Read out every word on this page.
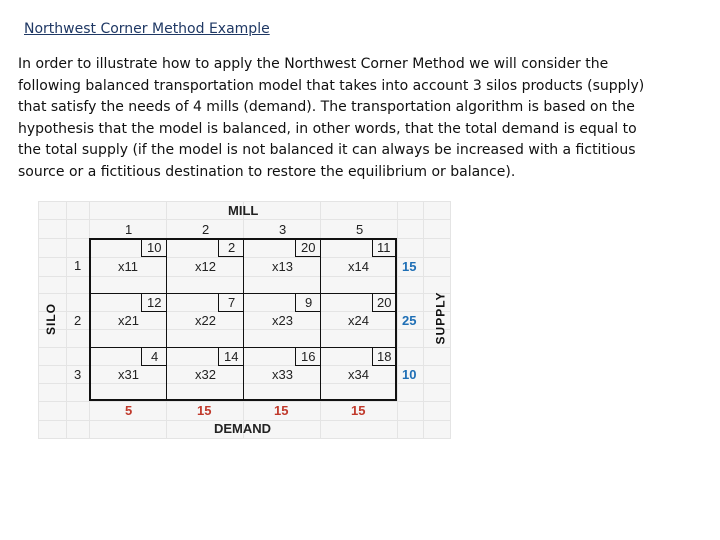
Northwest Corner Method Example

In order to illustrate how to apply the Northwest Corner Method we will consider the
following balanced transportation model that takes into account 3 silos products (supply)
that satisfy the needs of 4 mills (demand). The transportation algorithm is based on the
hypothesis that the model is balanced, in other words, that the total demand is equal to
the total supply (if the model is not balanced it can always be increased with a fictitious
source or a fictitious destination to restore the equilibrium or balance).

MILL
1	2	3	5
SILO	SUPPLY
1
10	2	20	11
x11	x12	x13	x14	15
2
12	7	9	20
x21	x22	x23	x24	25
3
4	14	16	18
x31	x32	x33	x34	10
5	15	15	15
DEMAND
